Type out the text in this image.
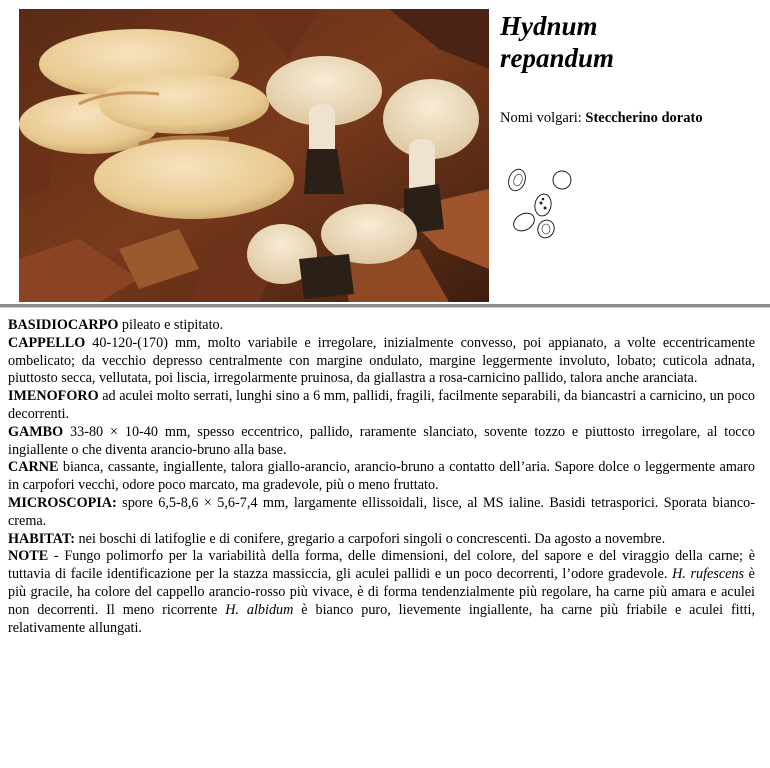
Hydnum
repandum
Nomi volgari: Steccherino dorato

BASIDIOCARPO pileato e stipitato.

CAPPELLO 40-120-(170) mm, molto variabile e irregolare, inizialmente convesso, poi appianato, a volte eccentricamente ombelicato; da vecchio depresso centralmente con margine ondulato, margine leggermente involuto, lobato; cuticola adnata, piuttosto secca, vellutata, poi liscia, irregolarmente pruinosa, da giallastra a rosa-carnicino pallido, talora anche aranciata.

IMENOFORO ad aculei molto serrati, lunghi sino a 6 mm, pallidi, fragili, facilmente separabili, da biancastri a carnicino, un poco decorrenti.

GAMBO 33-80 × 10-40 mm, spesso eccentrico, pallido, raramente slanciato, sovente tozzo e piuttosto irregolare, al tocco ingiallente o che diventa arancio-bruno alla base.

CARNE bianca, cassante, ingiallente, talora giallo-arancio, arancio-bruno a contatto dell’aria. Sapore dolce o leggermente amaro in carpofori vecchi, odore poco marcato, ma gradevole, più o meno fruttato.

MICROSCOPIA: spore 6,5-8,6 × 5,6-7,4 mm, largamente ellissoidali, lisce, al MS ialine. Basidi tetrasporici. Sporata bianco-crema.

HABITAT: nei boschi di latifoglie e di conifere, gregario a carpofori singoli o concrescenti. Da agosto a novembre.

NOTE - Fungo polimorfo per la variabilità della forma, delle dimensioni, del colore, del sapore e del viraggio della carne; è tuttavia di facile identificazione per la stazza massiccia, gli aculei pallidi e un poco decorrenti, l’odore gradevole. H. rufescens è più gracile, ha colore del cappello arancio-rosso più vivace, è di forma tendenzialmente più regolare, ha carne più amara e aculei non decorrenti. Il meno ricorrente H. albidum è bianco puro, lievemente ingiallente, ha carne più friabile e aculei fitti, relativamente allungati.
